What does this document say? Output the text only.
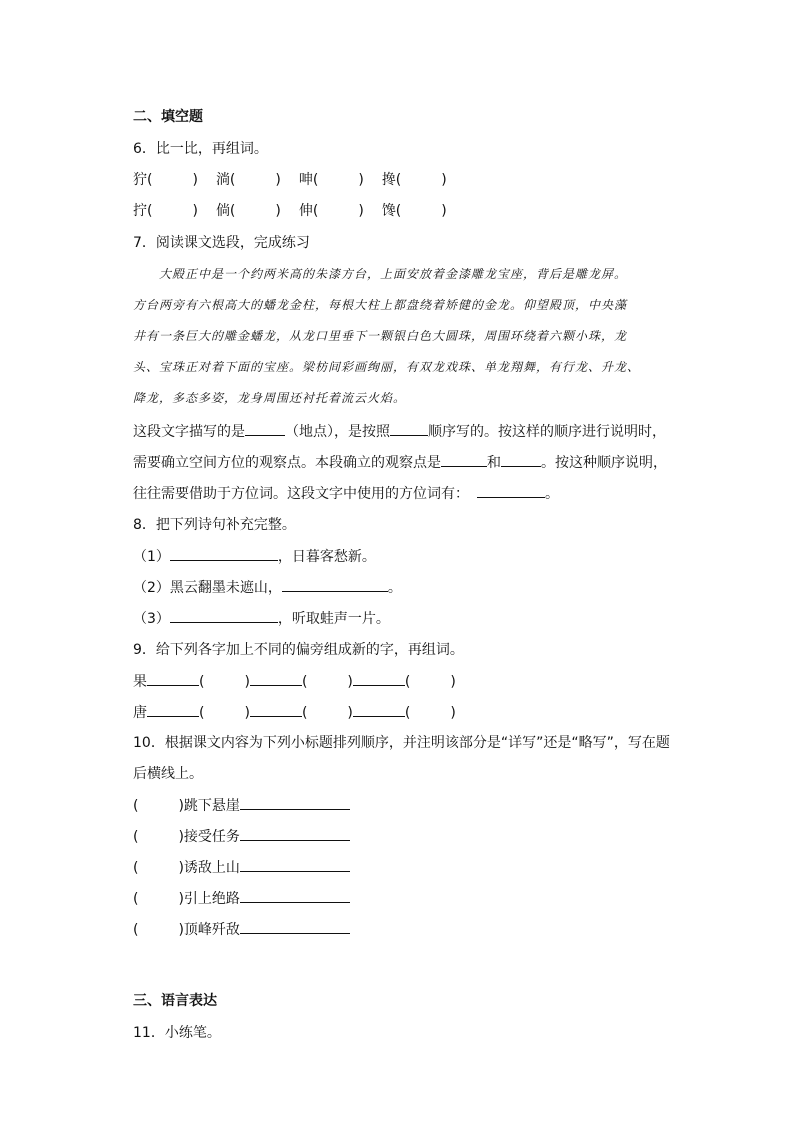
二、填空题
6．比一比，再组词。
狞(	) 淌(	) 呻(	) 搀(	)
拧(	) 倘(	) 伸(	) 馋(	)
7．阅读课文选段，完成练习
大殿正中是一个约两米高的朱漆方台，上面安放着金漆雕龙宝座，背后是雕龙屏。
方台两旁有六根高大的蟠龙金柱，每根大柱上都盘绕着矫健的金龙。仰望殿顶，中央藻
井有一条巨大的雕金蟠龙，从龙口里垂下一颗银白色大圆珠，周围环绕着六颗小珠，龙
头、宝珠正对着下面的宝座。梁枋间彩画绚丽，有双龙戏珠、单龙翔舞，有行龙、升龙、
降龙，多态多姿，龙身周围还衬托着流云火焰。
这段文字描写的是	（地点），是按照	顺序写的。按这样的顺序进行说明时，
需要确立空间方位的观察点。本段确立的观察点是	和	。按这种顺序说明，
往往需要借助于方位词。这段文字中使用的方位词有：	。
8．把下列诗句补充完整。
（1）	，日暮客愁新。
（2）黑云翻墨未遮山，	。
（3）	，听取蛙声一片。
9．给下列各字加上不同的偏旁组成新的字，再组词。
果	(	)	(	)	(	)
唐	(	)	(	)	(	)
10．根据课文内容为下列小标题排列顺序，并注明该部分是“详写”还是“略写”，写在题
后横线上。
(	)跳下悬崖
(	)接受任务
(	)诱敌上山
(	)引上绝路
(	)顶峰歼敌
三、语言表达
11．小练笔。
